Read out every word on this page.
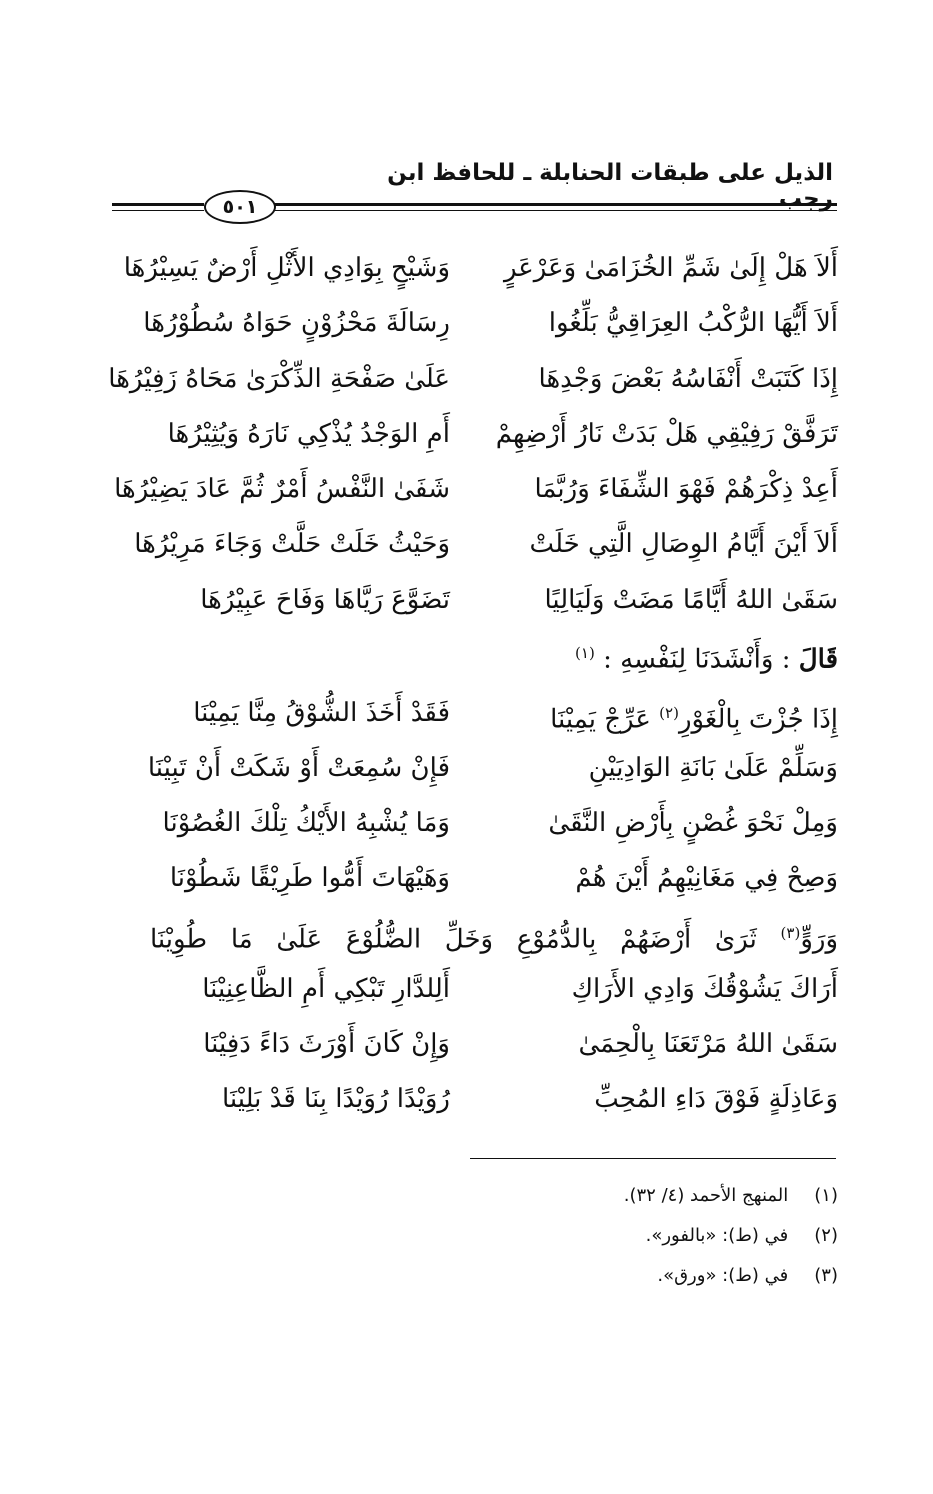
الذيل على طبقات الحنابلة ـ للحافظ ابن رجب
٥٠١
أَلاَ هَلْ إِلَىٰ شَمِّ الخُزَامَىٰ وَعَرْعَرٍ
وَشَيْحٍ بِوَادِي الأَثْلِ أَرْضٌ يَسِيْرُهَا
أَلاَ أَيُّهَا الرُّكْبُ العِرَاقِيُّ بَلِّغُوا
رِسَالَةَ مَحْزُوْنٍ حَوَاهُ سُطُوْرُهَا
إِذَا كَتَبَتْ أَنْفَاسُهُ بَعْضَ وَجْدِهَا
عَلَىٰ صَفْحَةِ الذِّكْرَىٰ مَحَاهُ زَفِيْرُهَا
تَرَفَّقْ رَفِيْقِي هَلْ بَدَتْ نَارُ أَرْضِهِمْ
أَمِ الوَجْدُ يُذْكِي نَارَهُ وَيُثِيْرُهَا
أَعِدْ ذِكْرَهُمْ فَهْوَ الشِّفَاءَ وَرُبَّمَا
شَفَىٰ النَّفْسُ أَمْرٌ ثُمَّ عَادَ يَضِيْرُهَا
أَلاَ أَيْنَ أَيَّامُ الوِصَالِ الَّتِي خَلَتْ
وَحَيْثُ خَلَتْ حَلَّتْ وَجَاءَ مَرِيْرُهَا
سَقَىٰ اللهُ أَيَّامًا مَضَتْ وَلَيَالِيًا
تَضَوَّعَ رَيَّاهَا وَفَاحَ عَبِيْرُهَا
قَالَ : وَأَنْشَدَنَا لِنَفْسِهِ : $^{(١)}$
إِذَا جُزْتَ بِالْغَوْرِ$^{(٢)}$ عَرِّجْ يَمِيْنَا
فَقَدْ أَخَذَ الشُّوْقُ مِنَّا يَمِيْنَا
وَسَلِّمْ عَلَىٰ بَانَةِ الوَادِيَيْنِ
فَإِنْ سُمِعَتْ أَوْ شَكَتْ أَنْ تَبِيْنَا
وَمِلْ نَحْوَ غُصْنٍ بِأَرْضِ النَّقَىٰ
وَمَا يُشْبِهُ الأَيْكُ تِلْكَ الغُصُوْنَا
وَصِحْ فِي مَغَانِيْهِمُ أَيْنَ هُمْ
وَهَيْهَاتَ أَمُّوا طَرِيْقًا شَطُوْنَا
وَرَوٍّ$^{(٣)}$ ثَرَىٰ أَرْضَهُمْ بِالدُّمُوْعِ وَخَلِّ الضُّلُوْعَ عَلَىٰ مَا طُوِيْنَا
أَرَاكَ يَشُوْقُكَ وَادِي الأَرَاكِ
أَلِلدَّارِ تَبْكِي أَمِ الظَّاعِنِيْنَا
سَقَىٰ اللهُ مَرْتَعَنَا بِالْحِمَىٰ
وَإِنْ كَانَ أَوْرَثَ دَاءً دَفِيْنَا
وَعَاذِلَةٍ فَوْقَ دَاءِ المُحِبِّ
رُوَيْدًا رُوَيْدًا بِنَا قَدْ بَلِيْنَا
(١) المنهج الأحمد (٤/ ٣٢).
(٢) في (ط): «بالفور».
(٣) في (ط): «ورق».
